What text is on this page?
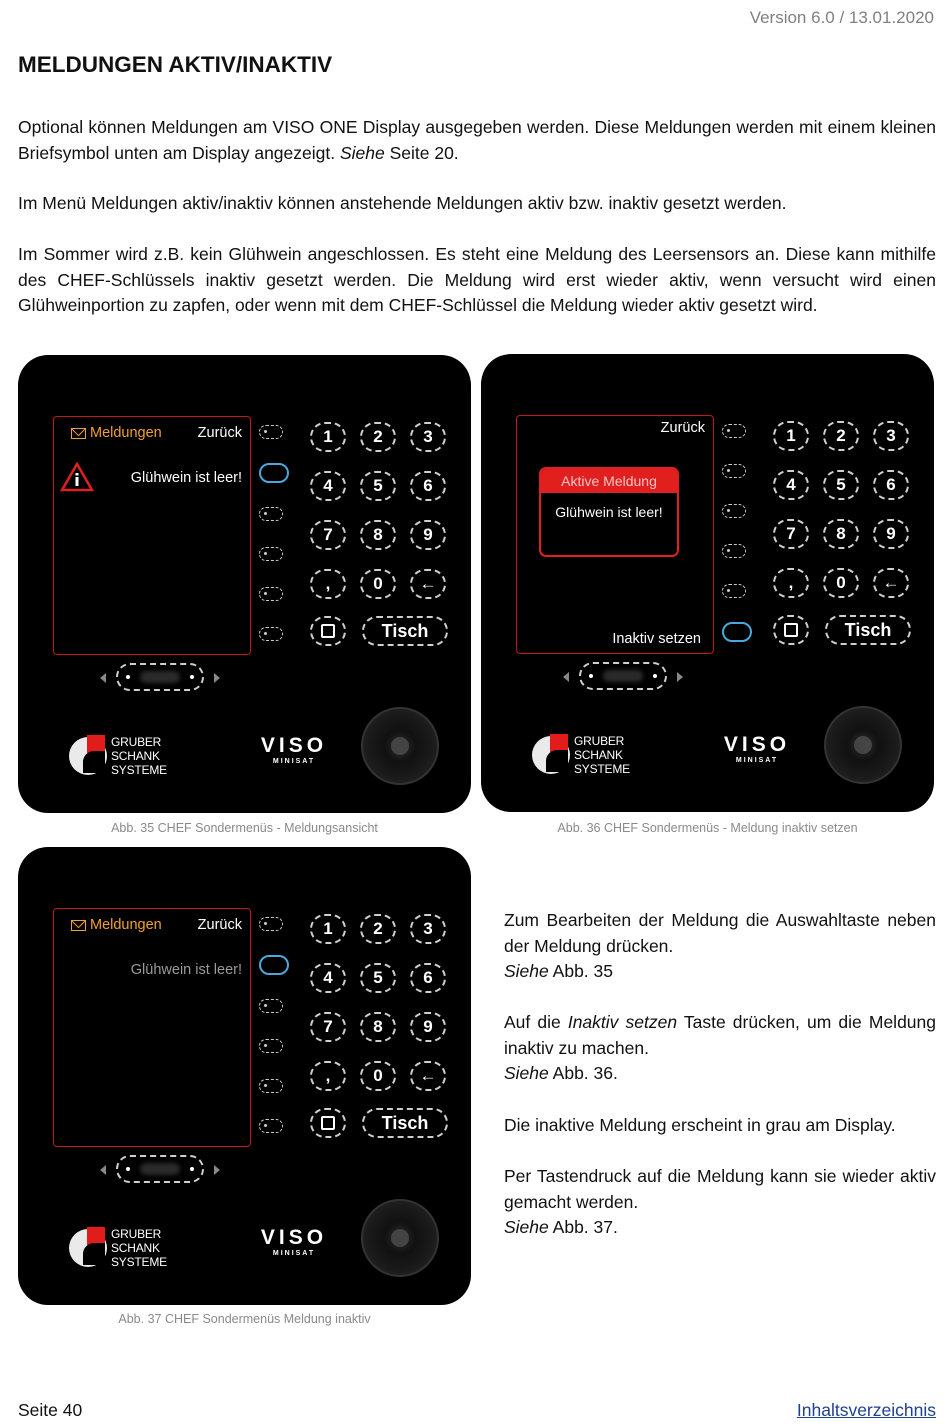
Version 6.0 / 13.01.2020
MELDUNGEN AKTIV/INAKTIV

Optional können Meldungen am VISO ONE Display ausgegeben werden. Diese Meldungen werden mit einem kleinen Briefsymbol unten am Display angezeigt. Siehe Seite 20.

Im Menü Meldungen aktiv/inaktiv können anstehende Meldungen aktiv bzw. inaktiv gesetzt werden.

Im Sommer wird z.B. kein Glühwein angeschlossen. Es steht eine Meldung des Leersensors an. Diese kann mithilfe des CHEF-Schlüssels inaktiv gesetzt werden. Die Meldung wird erst wieder aktiv, wenn versucht wird einen Glühweinportion zu zapfen, oder wenn mit dem CHEF-Schlüssel die Meldung wieder aktiv gesetzt wird.

Meldungen Zurück
Glühwein ist leer!
1	2	3
4	5	6
7	8	9
,	0	←
Tisch
GRUBER
SCHANK
SYSTEME
VISO
MINISAT
Abb. 35 CHEF Sondermenüs - Meldungsansicht
Zurück
Aktive Meldung
Glühwein ist leer!
Inaktiv setzen
1	2	3
4	5	6
7	8	9
,	0	←
Tisch
GRUBER
SCHANK
SYSTEME
VISO
MINISAT
Abb. 36 CHEF Sondermenüs - Meldung inaktiv setzen
Meldungen Zurück
Glühwein ist leer!
1	2	3
4	5	6
7	8	9
,	0	←
Tisch
GRUBER
SCHANK
SYSTEME
VISO
MINISAT
Abb. 37 CHEF Sondermenüs Meldung inaktiv

Zum Bearbeiten der Meldung die Auswahltaste neben der Meldung drücken.
Siehe Abb. 35

Auf die Inaktiv setzen Taste drücken, um die Meldung inaktiv zu machen.
Siehe Abb. 36.

Die inaktive Meldung erscheint in grau am Display.

Per Tastendruck auf die Meldung kann sie wieder aktiv gemacht werden.
Siehe Abb. 37.

Seite 40	Inhaltsverzeichnis
